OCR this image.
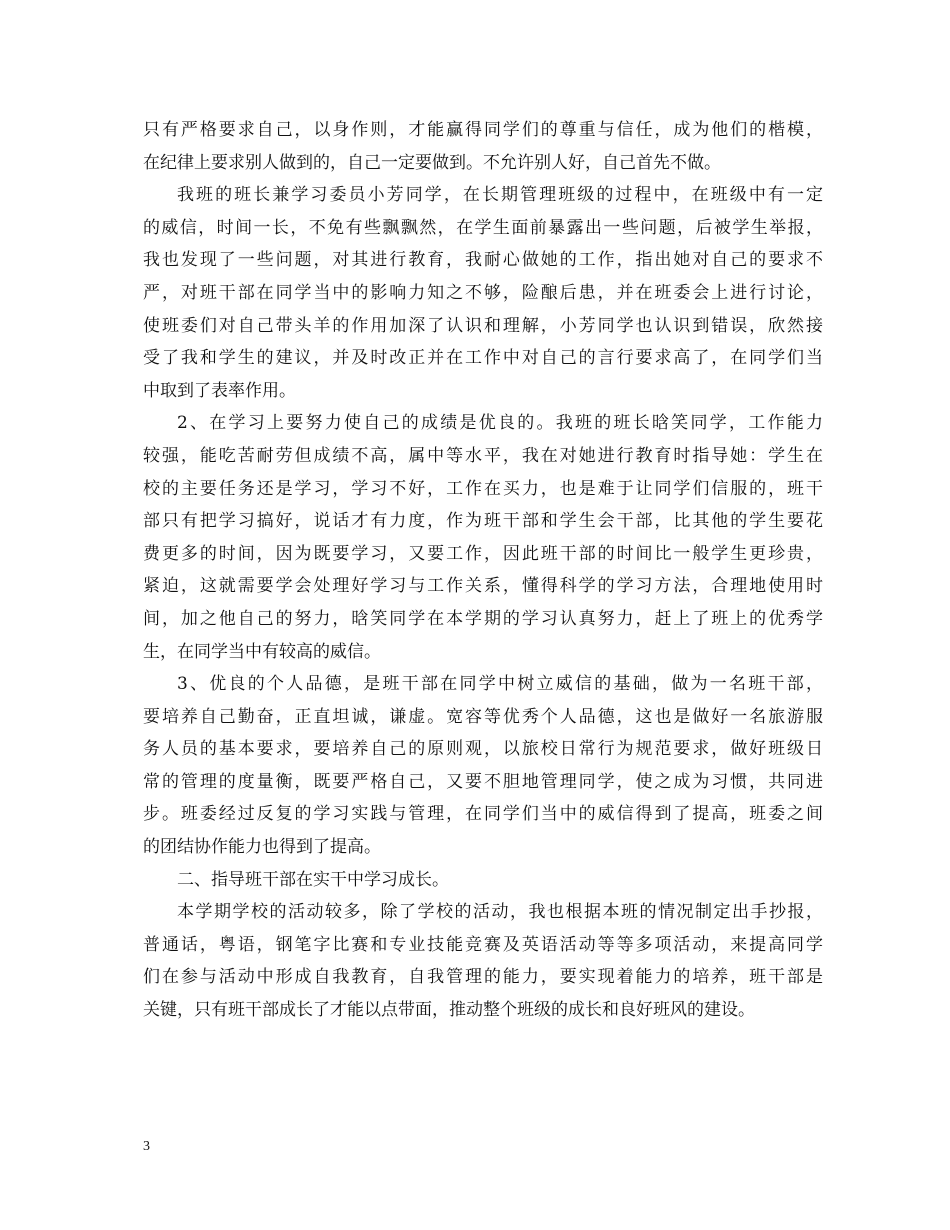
只有严格要求自己，以身作则，才能赢得同学们的尊重与信任，成为他们的楷模，
在纪律上要求别人做到的，自己一定要做到。不允许别人好，自己首先不做。
我班的班长兼学习委员小芳同学，在长期管理班级的过程中，在班级中有一定
的威信，时间一长，不免有些飘飘然，在学生面前暴露出一些问题，后被学生举报，
我也发现了一些问题，对其进行教育，我耐心做她的工作，指出她对自己的要求不
严，对班干部在同学当中的影响力知之不够，险酿后患，并在班委会上进行讨论，
使班委们对自己带头羊的作用加深了认识和理解，小芳同学也认识到错误，欣然接
受了我和学生的建议，并及时改正并在工作中对自己的言行要求高了，在同学们当
中取到了表率作用。
2、在学习上要努力使自己的成绩是优良的。我班的班长晗笑同学，工作能力
较强，能吃苦耐劳但成绩不高，属中等水平，我在对她进行教育时指导她：学生在
校的主要任务还是学习，学习不好，工作在买力，也是难于让同学们信服的，班干
部只有把学习搞好，说话才有力度，作为班干部和学生会干部，比其他的学生要花
费更多的时间，因为既要学习，又要工作，因此班干部的时间比一般学生更珍贵，
紧迫，这就需要学会处理好学习与工作关系，懂得科学的学习方法，合理地使用时
间，加之他自己的努力，晗笑同学在本学期的学习认真努力，赶上了班上的优秀学
生，在同学当中有较高的威信。
3、优良的个人品德，是班干部在同学中树立威信的基础，做为一名班干部，
要培养自己勤奋，正直坦诚，谦虚。宽容等优秀个人品德，这也是做好一名旅游服
务人员的基本要求，要培养自己的原则观，以旅校日常行为规范要求，做好班级日
常的管理的度量衡，既要严格自己，又要不胆地管理同学，使之成为习惯，共同进
步。班委经过反复的学习实践与管理，在同学们当中的威信得到了提高，班委之间
的团结协作能力也得到了提高。
二、指导班干部在实干中学习成长。
本学期学校的活动较多，除了学校的活动，我也根据本班的情况制定出手抄报，
普通话，粤语，钢笔字比赛和专业技能竞赛及英语活动等等多项活动，来提高同学
们在参与活动中形成自我教育，自我管理的能力，要实现着能力的培养，班干部是
关键，只有班干部成长了才能以点带面，推动整个班级的成长和良好班风的建设。
3
